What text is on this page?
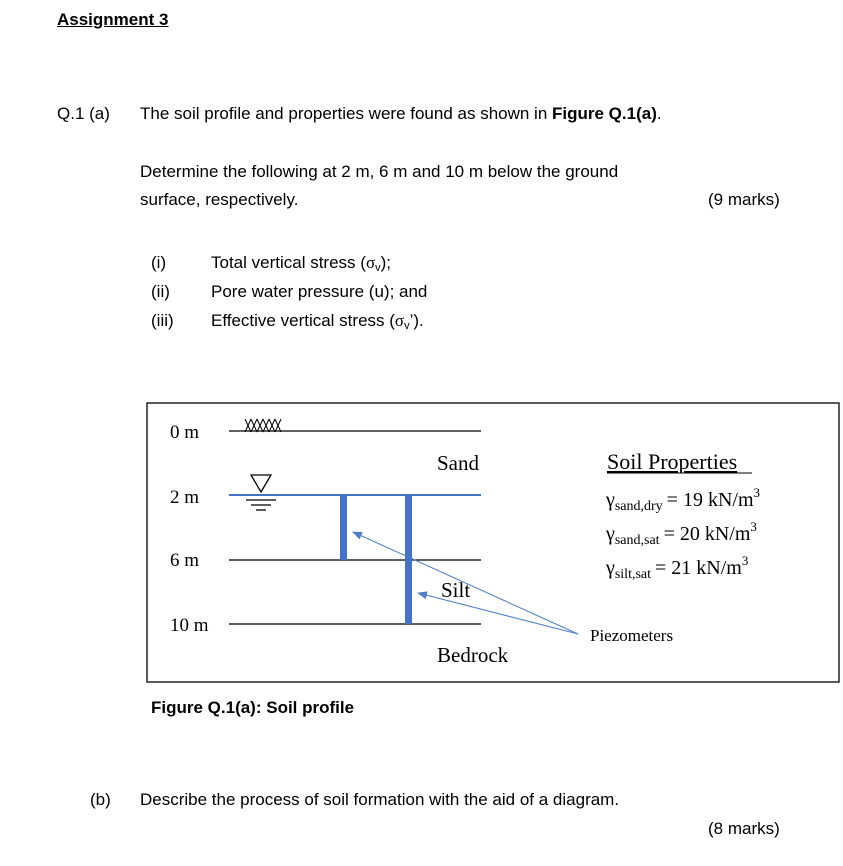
Assignment 3
Q.1 (a) The soil profile and properties were found as shown in Figure Q.1(a).
Determine the following at 2 m, 6 m and 10 m below the ground
surface, respectively.	(9 marks)
(i)	Total vertical stress $(\sigma_v)$;
(ii) Pore water pressure (u); and
(iii) Effective vertical stress $(\sigma_v’)$.
0 m
2 m
6 m
10 m
Sand
Silt
Bedrock
Piezometers
Soil Properties
$\gamma_{sand,dry} = 19$ $kN/m^3$
$\gamma_{sand,sat} = 20$ $kN/m^3$
$\gamma_{silt,sat} = 21$ $kN/m^3$
Figure Q.1(a): Soil profile
(b) Describe the process of soil formation with the aid of a diagram.
(8 marks)
